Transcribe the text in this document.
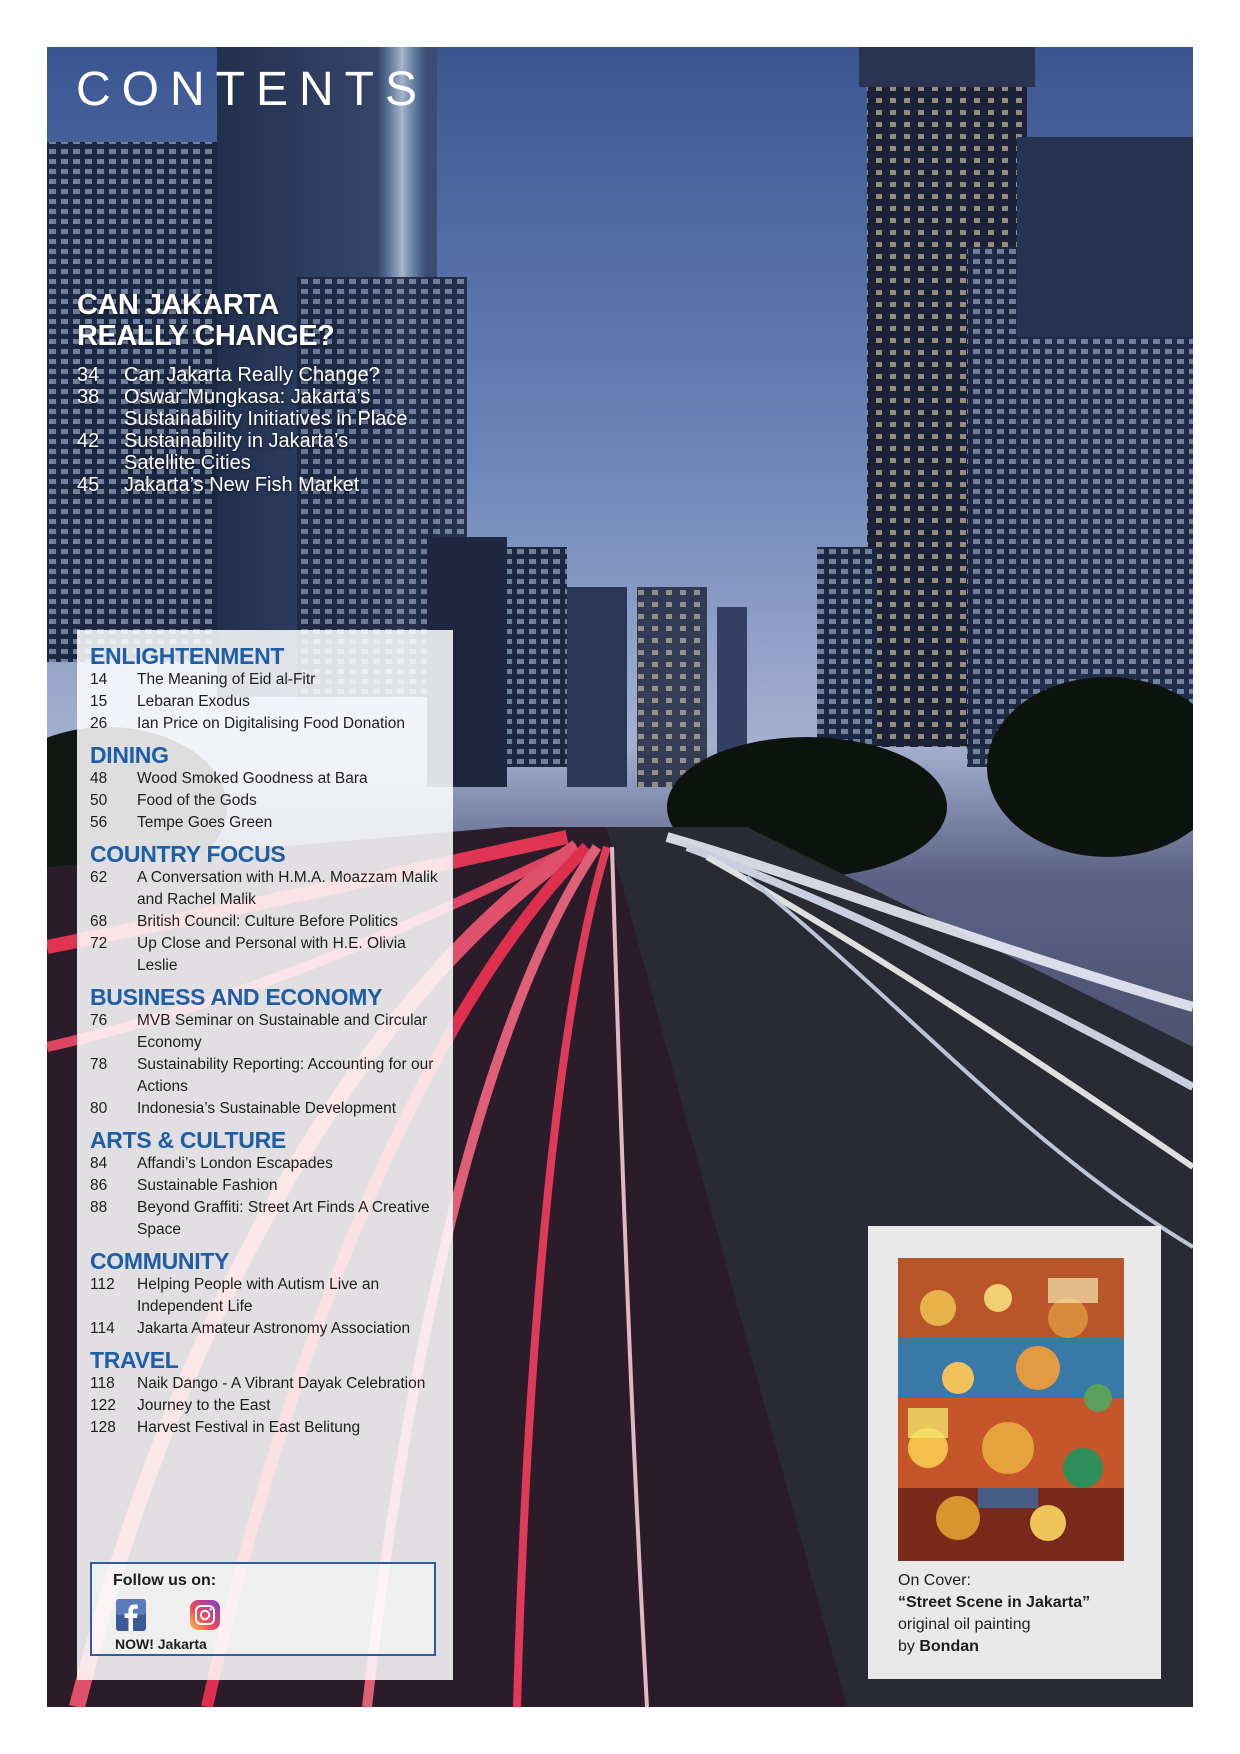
CONTENTS
CAN JAKARTA
REALLY CHANGE?
34	Can Jakarta Really Change?
38	Oswar Mungkasa: Jakarta’s Sustainability Initiatives in Place
42	Sustainability in Jakarta’s Satellite Cities
45	Jakarta’s New Fish Market
ENLIGHTENMENT
14	The Meaning of Eid al-Fitr
15	Lebaran Exodus
26	Ian Price on Digitalising Food Donation
DINING
48	Wood Smoked Goodness at Bara
50	Food of the Gods
56	Tempe Goes Green
COUNTRY FOCUS
62	A Conversation with H.M.A. Moazzam Malik and Rachel Malik
68	British Council: Culture Before Politics
72	Up Close and Personal with H.E. Olivia Leslie
BUSINESS AND ECONOMY
76	MVB Seminar on Sustainable and Circular Economy
78	Sustainability Reporting: Accounting for our Actions
80	Indonesia’s Sustainable Development
ARTS & CULTURE
84	Affandi’s London Escapades
86	Sustainable Fashion
88	Beyond Graffiti: Street Art Finds A Creative Space
COMMUNITY
112	Helping People with Autism Live an Independent Life
114	Jakarta Amateur Astronomy Association
TRAVEL
118	Naik Dango - A Vibrant Dayak Celebration
122	Journey to the East
128	Harvest Festival in East Belitung
Follow us on:
NOW! Jakarta
On Cover:
“Street Scene in Jakarta”
original oil painting
by Bondan
